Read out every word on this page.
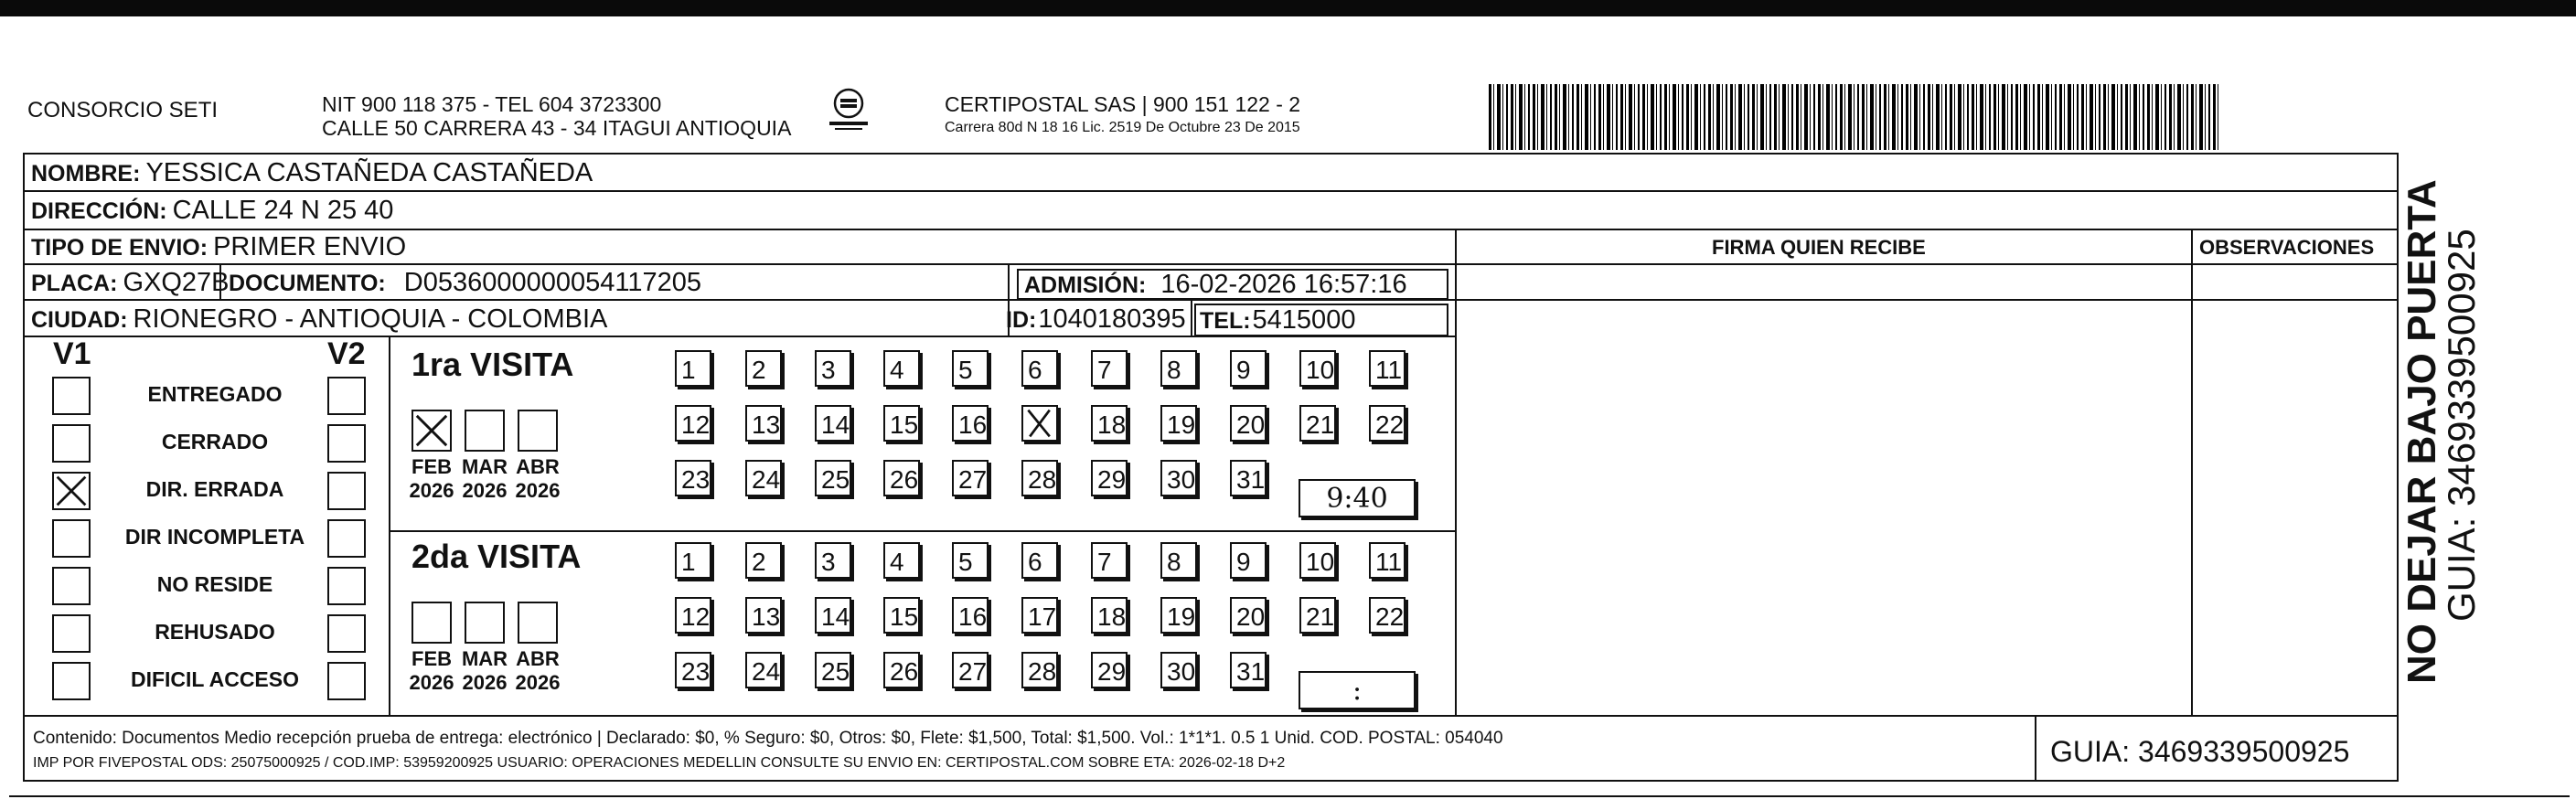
CONSORCIO SETI	NIT 900 118 375 - TEL 604 3723300
CALLE 50 CARRERA 43 - 34 ITAGUI ANTIOQUIA
CERTIPOSTAL SAS | 900 151 122 - 2
Carrera 80d N 18 16 Lic. 2519 De Octubre 23 De 2015
NOMBRE: YESSICA CASTAÑEDA CASTAÑEDA
DIRECCIÓN: CALLE 24 N 25 40
TIPO DE ENVIO: PRIMER ENVIO
PLACA: GXQ27B DOCUMENTO: D0536000000054117205	ADMISIÓN: 16-02-2026 16:57:16
CIUDAD: RIONEGRO - ANTIOQUIA - COLOMBIA	ID:1040180395 TEL:5415000
FIRMA QUIEN RECIBE	OBSERVACIONES
V1	V2
ENTREGADO
CERRADO
DIR. ERRADA
DIR INCOMPLETA
NO RESIDE
REHUSADO
DIFICIL ACCESO
1ra VISITA
2da VISITA
FEB
2026
MAR
2026
ABR
2026
1 2 3 4 5 6 7 8 9 10 11
12 13 14 15 16	18 19 20 21 22
23 24 25 26 27 28 29 30 31
9:40
FEB
2026
MAR
2026
ABR
2026
1 2 3 4 5 6 7 8 9 10 11
12 13 14 15 16 17 18 19 20 21 22
23 24 25 26 27 28 29 30 31
:
Contenido: Documentos Medio recepción prueba de entrega: electrónico | Declarado: $0, % Seguro: $0, Otros: $0, Flete: $1,500, Total: $1,500. Vol.: 1*1*1. 0.5 1 Unid. COD. POSTAL: 054040
IMP POR FIVEPOSTAL ODS: 25075000925 / COD.IMP: 53959200925 USUARIO: OPERACIONES MEDELLIN CONSULTE SU ENVIO EN: CERTIPOSTAL.COM SOBRE ETA: 2026-02-18 D+2	GUIA: 3469339500925
NO DEJAR BAJO PUERTA
GUIA: 3469339500925
